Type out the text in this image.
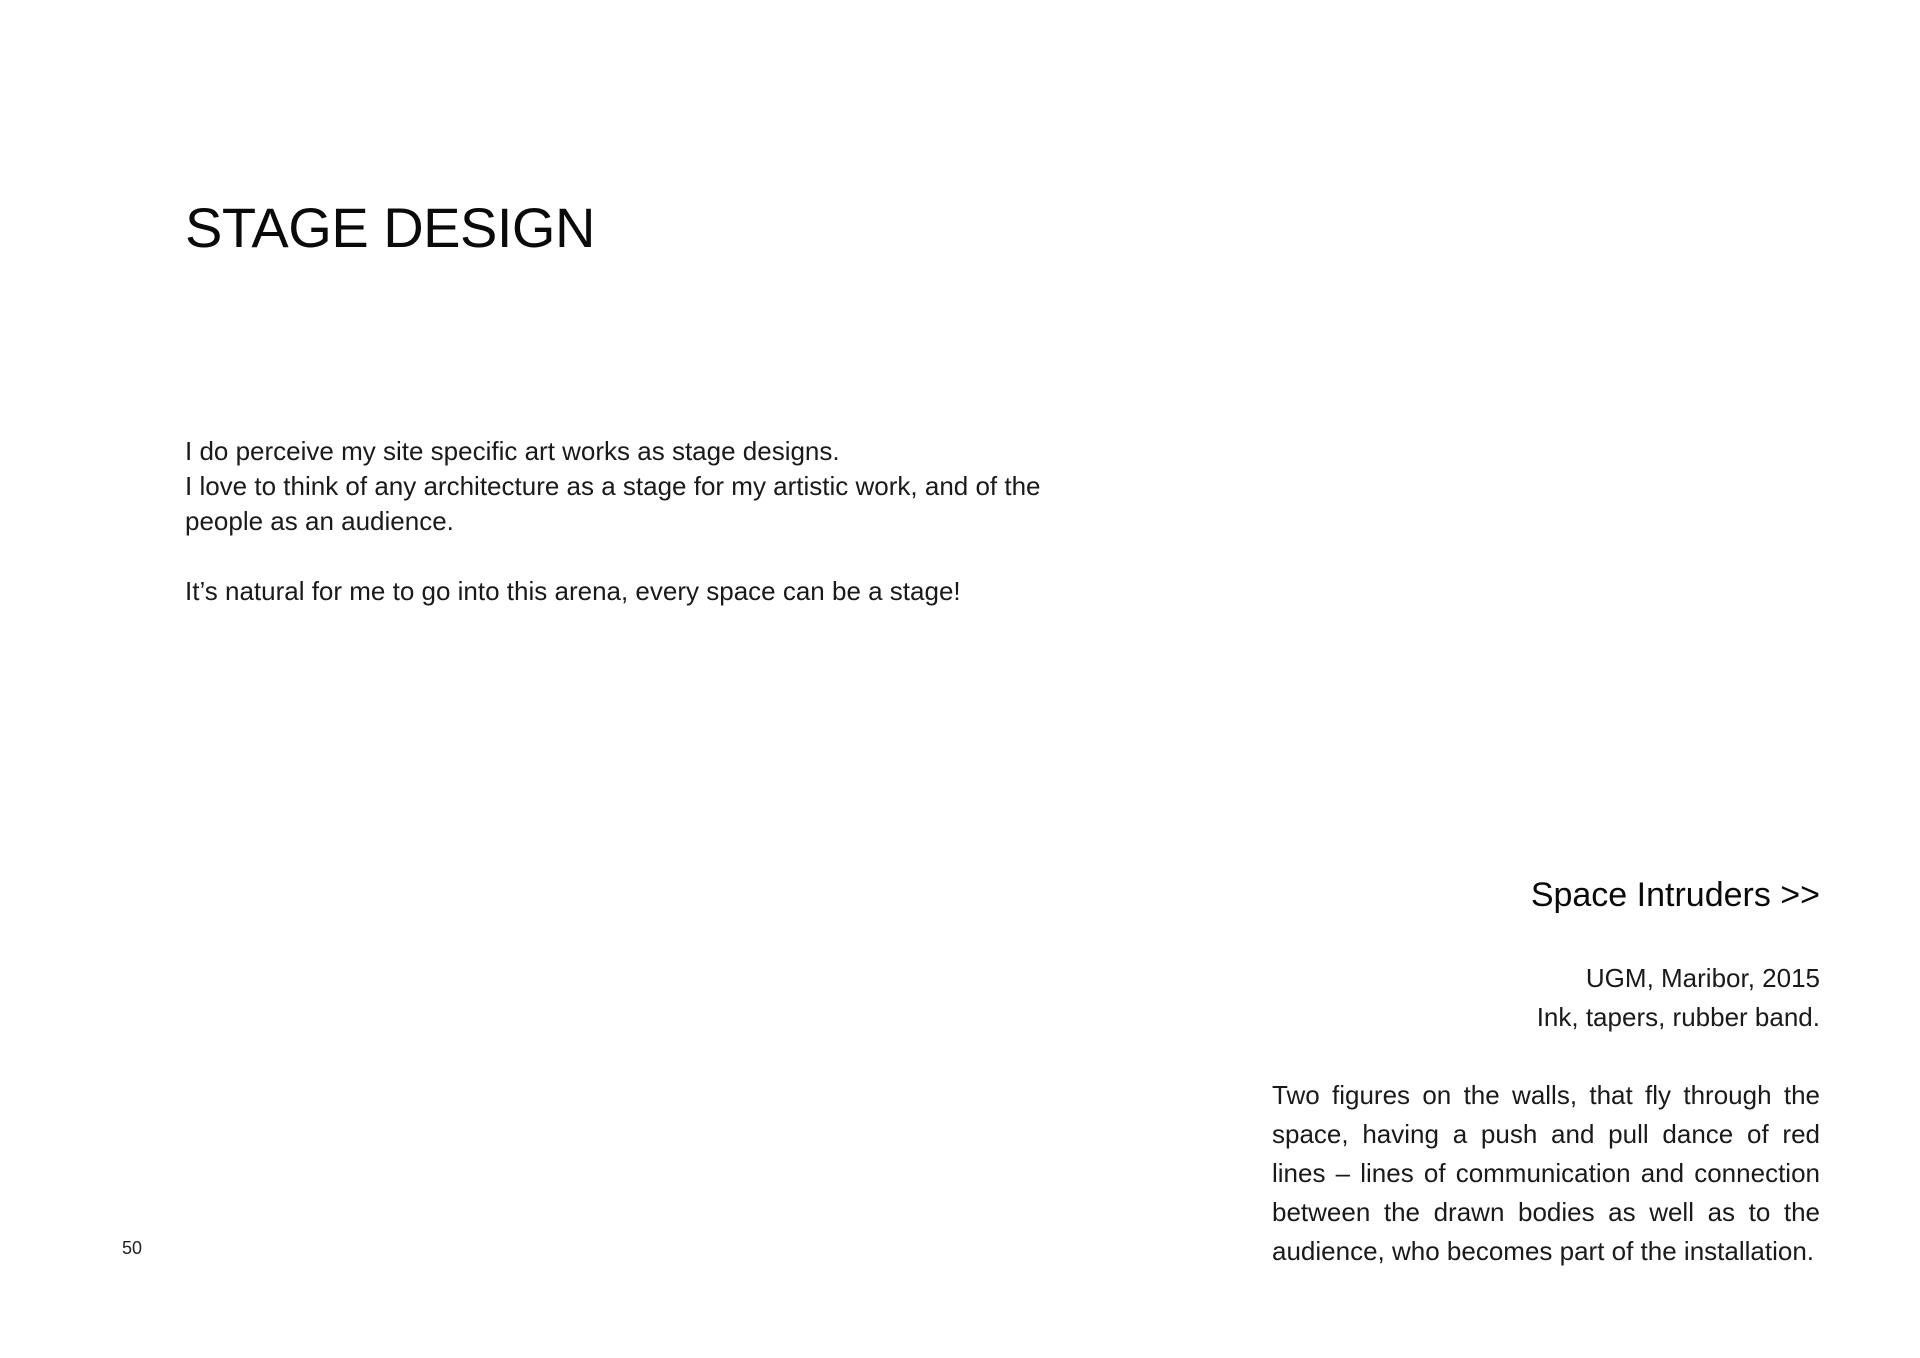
STAGE DESIGN

I do perceive my site specific art works as stage designs.

I love to think of any architecture as a stage for my artistic work, and of the people as an audience.

It’s natural for me to go into this arena, every space can be a stage!

Space Intruders >>
UGM, Maribor, 2015
Ink, tapers, rubber band.

Two figures on the walls, that fly through the space, having a push and pull dance of red lines – lines of communication and connection between the drawn bodies as well as to the audience, who becomes part of the installation.

50
